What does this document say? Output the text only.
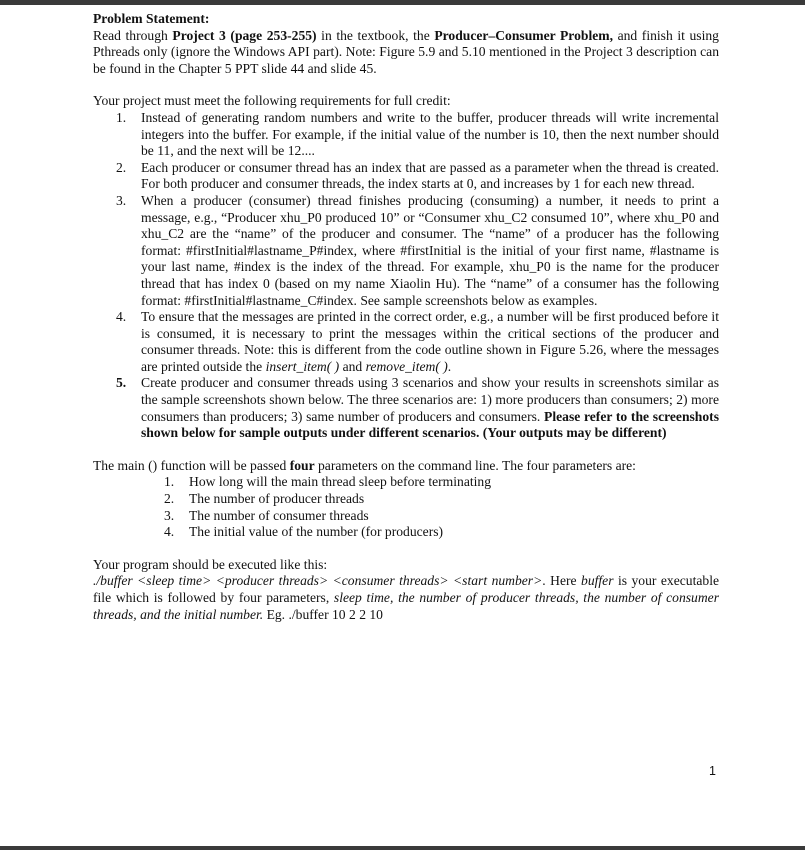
Problem Statement:

Read through Project 3 (page 253-255) in the textbook, the Producer–Consumer Problem, and finish it using Pthreads only (ignore the Windows API part). Note: Figure 5.9 and 5.10 mentioned in the Project 3 description can be found in the Chapter 5 PPT slide 44 and slide 45.

Your project must meet the following requirements for full credit:

1. Instead of generating random numbers and write to the buffer, producer threads will write incremental integers into the buffer. For example, if the initial value of the number is 10, then the next number should be 11, and the next will be 12....
2. Each producer or consumer thread has an index that are passed as a parameter when the thread is created. For both producer and consumer threads, the index starts at 0, and increases by 1 for each new thread.
3. When a producer (consumer) thread finishes producing (consuming) a number, it needs to print a message, e.g., “Producer xhu_P0 produced 10” or “Consumer xhu_C2 consumed 10”, where xhu_P0 and xhu_C2 are the “name” of the producer and consumer. The “name” of a producer has the following format: #firstInitial#lastname_P#index, where #firstInitial is the initial of your first name, #lastname is your last name, #index is the index of the thread. For example, xhu_P0 is the name for the producer thread that has index 0 (based on my name Xiaolin Hu). The “name” of a consumer has the following format: #firstInitial#lastname_C#index. See sample screenshots below as examples.
4. To ensure that the messages are printed in the correct order, e.g., a number will be first produced before it is consumed, it is necessary to print the messages within the critical sections of the producer and consumer threads. Note: this is different from the code outline shown in Figure 5.26, where the messages are printed outside the insert_item( ) and remove_item( ).
5. Create producer and consumer threads using 3 scenarios and show your results in screenshots similar as the sample screenshots shown below. The three scenarios are: 1) more producers than consumers; 2) more consumers than producers; 3) same number of producers and consumers. Please refer to the screenshots shown below for sample outputs under different scenarios. (Your outputs may be different)

The main () function will be passed four parameters on the command line. The four parameters are:

1. How long will the main thread sleep before terminating
2. The number of producer threads
3. The number of consumer threads
4. The initial value of the number (for producers)

Your program should be executed like this:

./buffer <sleep time> <producer threads> <consumer threads> <start number>. Here buffer is your executable file which is followed by four parameters, sleep time, the number of producer threads, the number of consumer threads, and the initial number. Eg. ./buffer 10 2 2 10

1
